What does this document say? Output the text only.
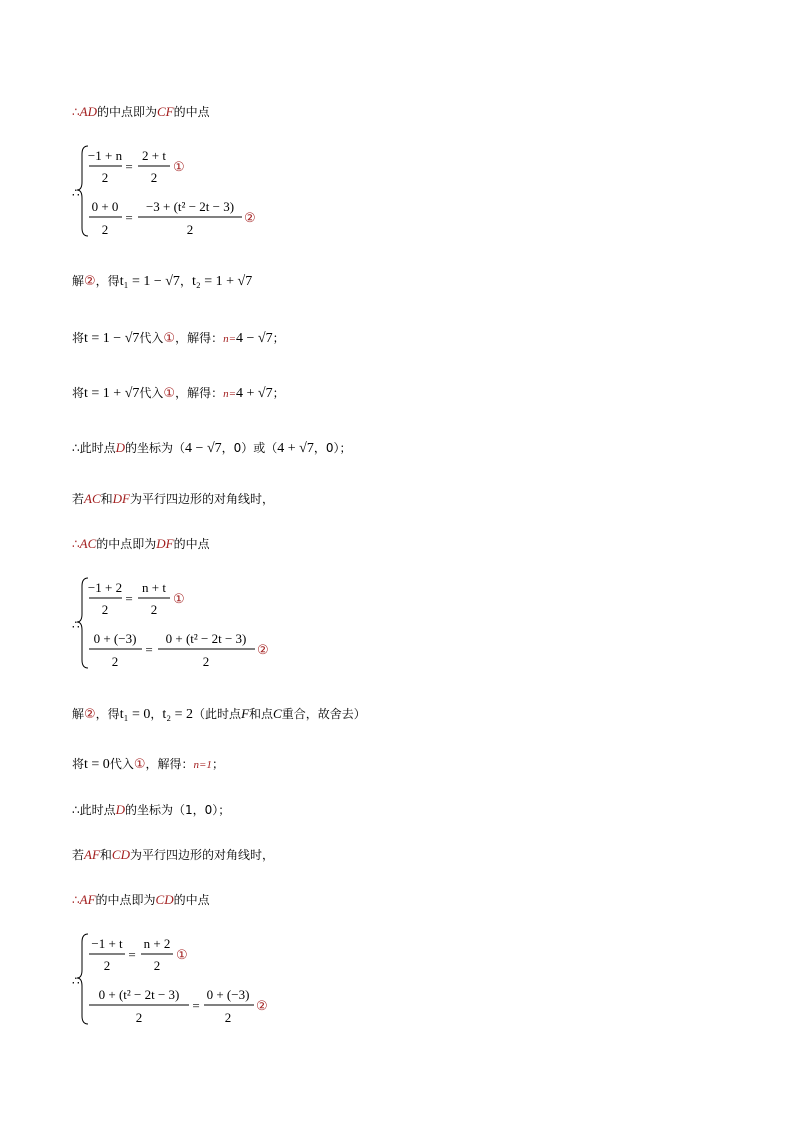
∴AD的中点即为CF的中点
∴
−1 + n
2
=
2 + t
2
①
0 + 0
2
=
−3 + (t² − 2t − 3)
2
②
解②，得t₁ = 1 − √7，t₂ = 1 + √7
将t = 1 − √7代入①，解得：n=4 − √7；
将t = 1 + √7代入①，解得：n=4 + √7；
∴此时点D的坐标为（4 − √7，0）或（4 + √7，0）；
若AC和DF为平行四边形的对角线时，
∴AC的中点即为DF的中点
∴
−1 + 2
2
=
n + t
2
①
0 + (−3)
2
=
0 + (t² − 2t − 3)
2
②
解②，得t₁ = 0，t₂ = 2（此时点F和点C重合，故舍去）
将t = 0代入①，解得：n=1；
∴此时点D的坐标为（1，0）；
若AF和CD为平行四边形的对角线时，
∴AF的中点即为CD的中点
∴
−1 + t
2
=
n + 2
2
①
0 + (t² − 2t − 3)
2
=
0 + (−3)
2
②
